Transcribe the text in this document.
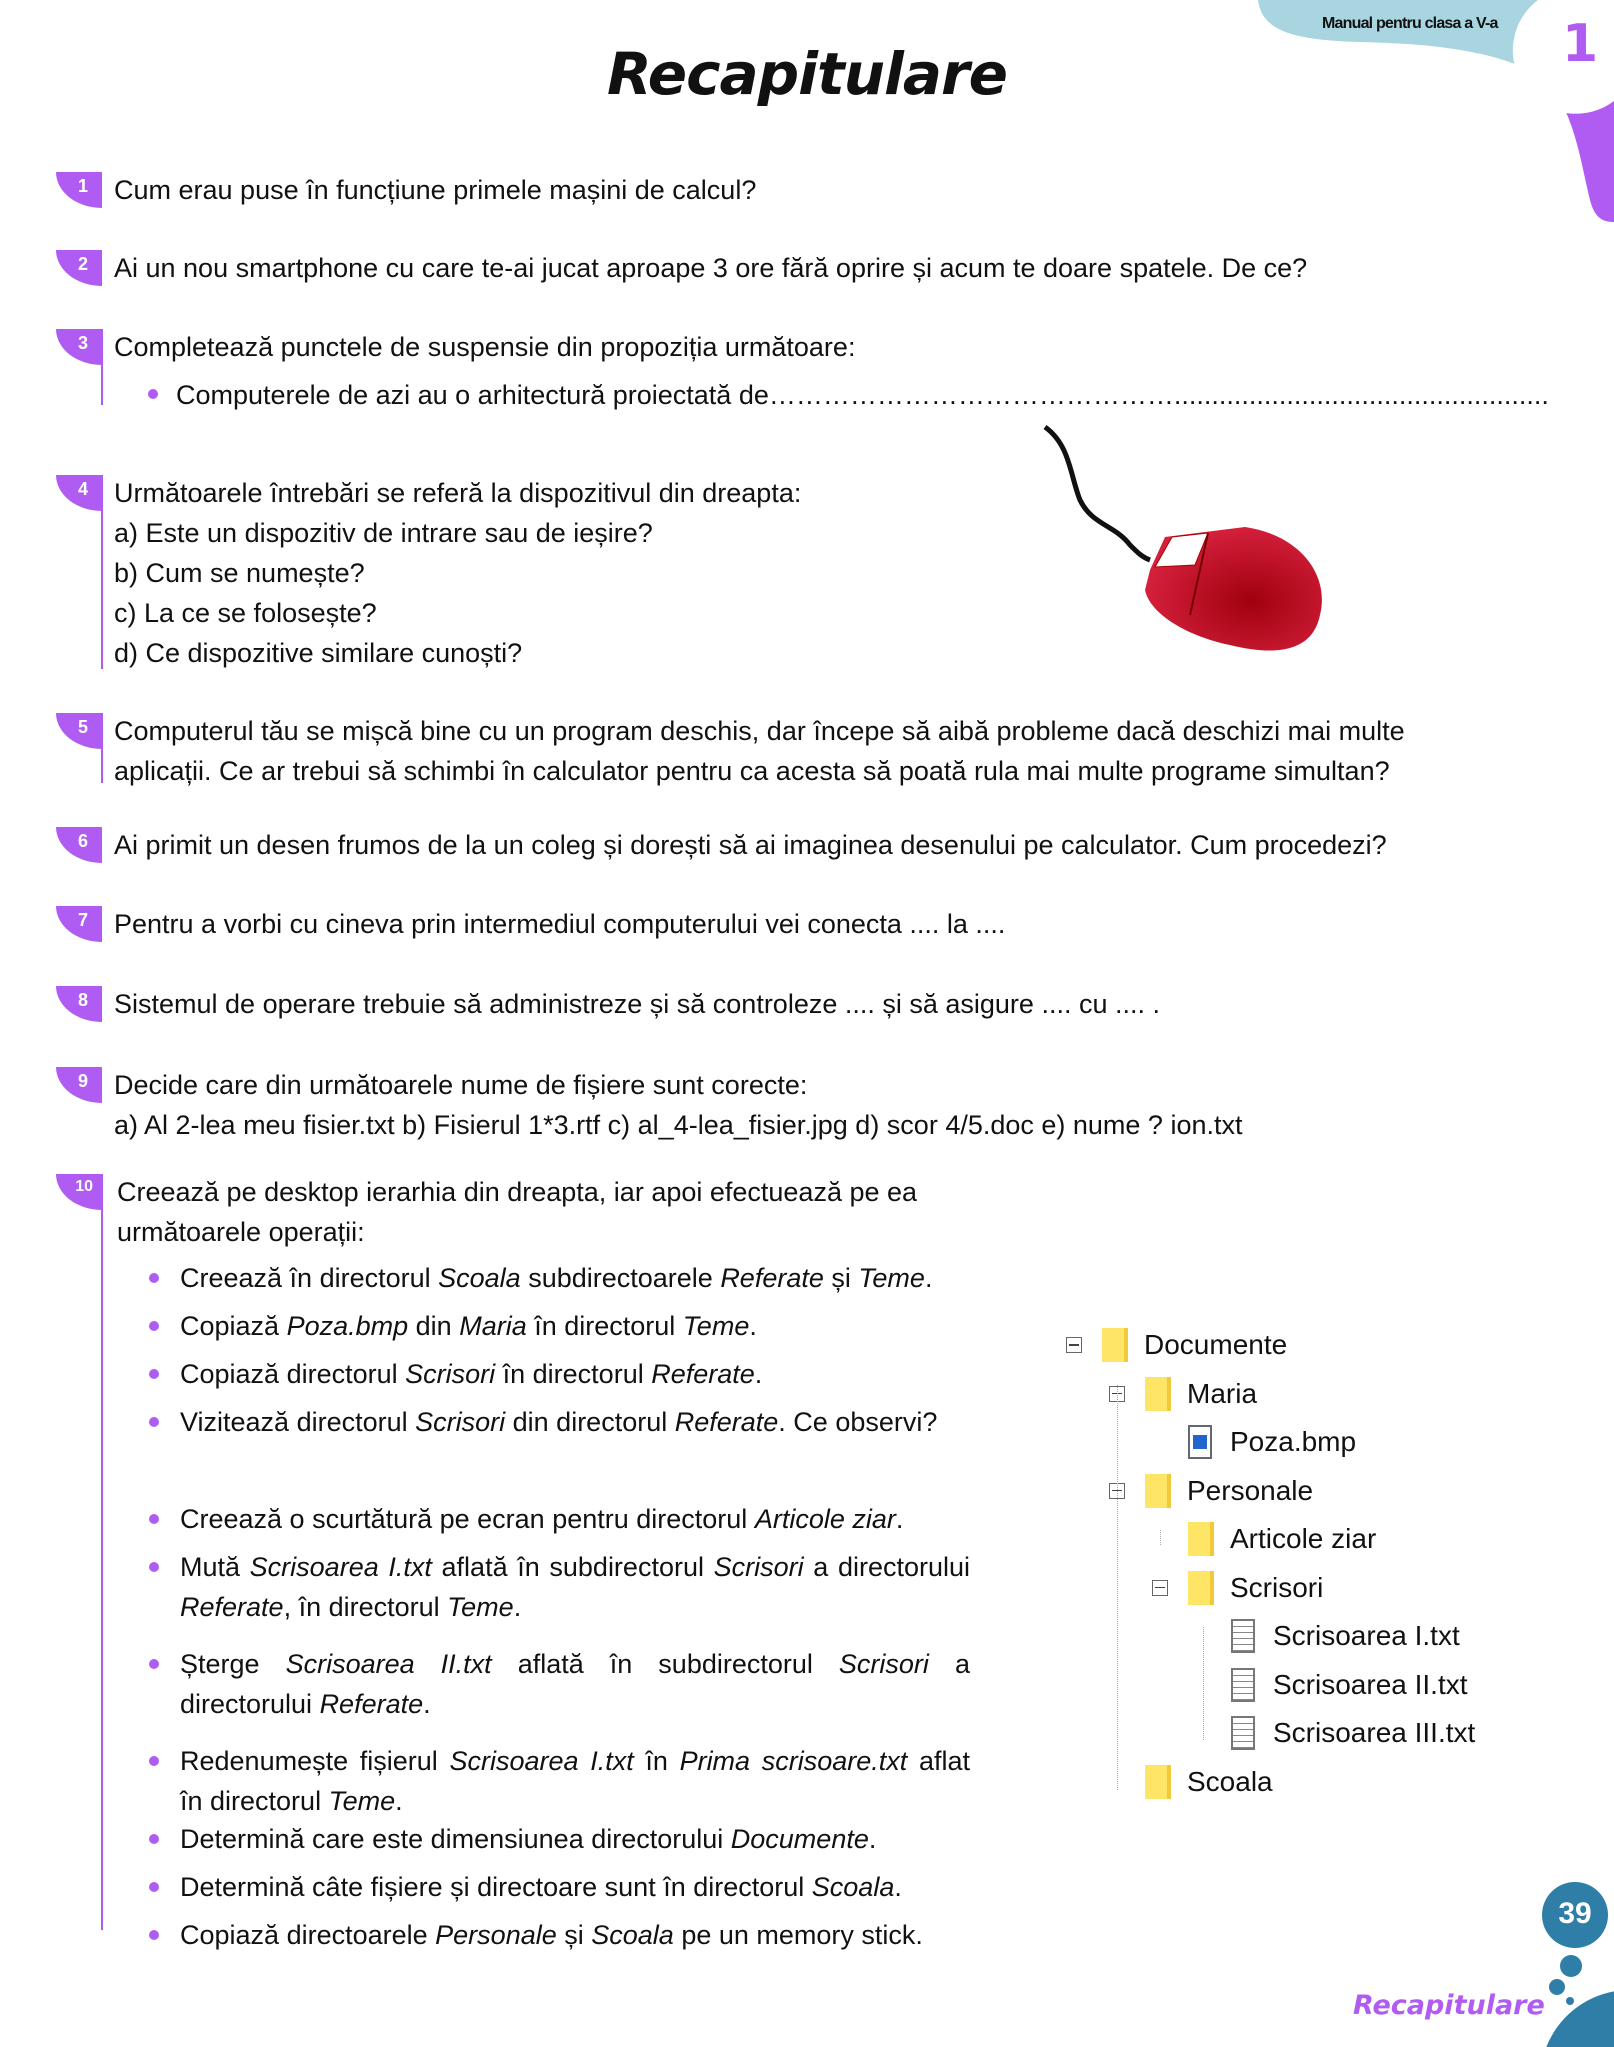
Manual pentru clasa a V-a 1
Recapitulare
1 Cum erau puse în funcțiune primele mașini de calcul?
2 Ai un nou smartphone cu care te-ai jucat aproape 3 ore fără oprire și acum te doare spatele. De ce?
3 Completează punctele de suspensie din propoziția următoare:
Computerele de azi au o arhitectură proiectată de………………………………………..................................................
4 Următoarele întrebări se referă la dispozitivul din dreapta:
a) Este un dispozitiv de intrare sau de ieșire?
b) Cum se numește?
c) La ce se folosește?
d) Ce dispozitive similare cunoști?
5 Computerul tău se mișcă bine cu un program deschis, dar începe să aibă probleme dacă deschizi mai multe
aplicații. Ce ar trebui să schimbi în calculator pentru ca acesta să poată rula mai multe programe simultan?
6 Ai primit un desen frumos de la un coleg și dorești să ai imaginea desenului pe calculator. Cum procedezi?
7 Pentru a vorbi cu cineva prin intermediul computerului vei conecta .... la ....
8 Sistemul de operare trebuie să administreze și să controleze .... și să asigure .... cu .... .
9 Decide care din următoarele nume de fișiere sunt corecte:
a) Al 2-lea meu fisier.txt b) Fisierul 1*3.rtf c) al_4-lea_fisier.jpg d) scor 4/5.doc e) nume ? ion.txt
10 Creează pe desktop ierarhia din dreapta, iar apoi efectuează pe ea
următoarele operații:
Creează în directorul Scoala subdirectoarele Referate și Teme.
Copiază Poza.bmp din Maria în directorul Teme.
Copiază directorul Scrisori în directorul Referate.
Vizitează directorul Scrisori din directorul Referate. Ce observi?
Creează o scurtătură pe ecran pentru directorul Articole ziar.
Mută Scrisoarea I.txt aflată în subdirectorul Scrisori a directorului Referate, în directorul Teme.
Șterge Scrisoarea II.txt aflată în subdirectorul Scrisori a directorului Referate.
Redenumește fișierul Scrisoarea I.txt în Prima scrisoare.txt aflat în directorul Teme.
Determină care este dimensiunea directorului Documente.
Determină câte fișiere și directoare sunt în directorul Scoala.
Copiază directoarele Personale și Scoala pe un memory stick.
Documente
Maria
Poza.bmp
Personale
Articole ziar
Scrisori
Scrisoarea I.txt
Scrisoarea II.txt
Scrisoarea III.txt
Scoala
39
Recapitulare
